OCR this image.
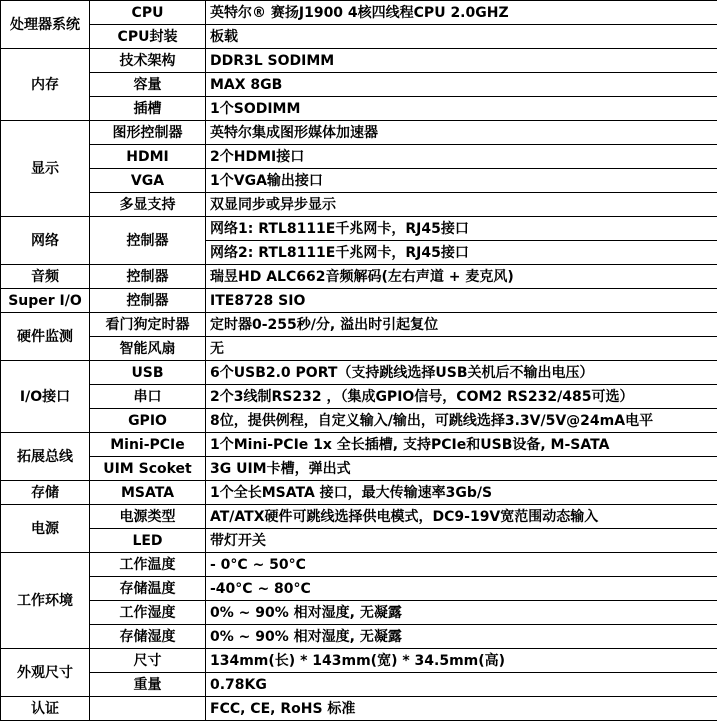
处理器系统	CPU	英特尔® 赛扬J1900 4核四线程CPU 2.0GHZ
	CPU封装	板载
内存	技术架构	DDR3L SODIMM
	容量	MAX 8GB
	插槽	1个SODIMM
显示	图形控制器	英特尔集成图形媒体加速器
	HDMI	2个HDMI接口
	VGA	1个VGA输出接口
	多显支持	双显同步或异步显示
网络	控制器	网络1: RTL8111E千兆网卡，RJ45接口
		网络2: RTL8111E千兆网卡，RJ45接口
音频	控制器	瑞昱HD ALC662音频解码(左右声道 + 麦克风)
Super I/O	控制器	ITE8728 SIO
硬件监测	看门狗定时器	定时器0-255秒/分, 溢出时引起复位
	智能风扇	无
I/O接口	USB	6个USB2.0 PORT（支持跳线选择USB关机后不输出电压）
	串口	2个3线制RS232 ，（集成GPIO信号，COM2 RS232/485可选）
	GPIO	8位，提供例程，自定义输入/输出，可跳线选择3.3V/5V@24mA电平
拓展总线	Mini-PCIe	1个Mini-PCIe 1x 全长插槽, 支持PCIe和USB设备, M-SATA
	UIM Scoket	3G UIM卡槽，弹出式
存储	MSATA	1个全长MSATA 接口，最大传输速率3Gb/S
电源	电源类型	AT/ATX硬件可跳线选择供电模式，DC9-19V宽范围动态输入
	LED	带灯开关
工作环境	工作温度	- 0°C ~ 50°C
	存储温度	-40°C ~ 80°C
	工作湿度	0% ~ 90% 相对湿度, 无凝露
	存储湿度	0% ~ 90% 相对湿度, 无凝露
外观尺寸	尺寸	134mm(长) * 143mm(宽) * 34.5mm(高)
	重量	0.78KG
认证		FCC, CE, RoHS 标准
